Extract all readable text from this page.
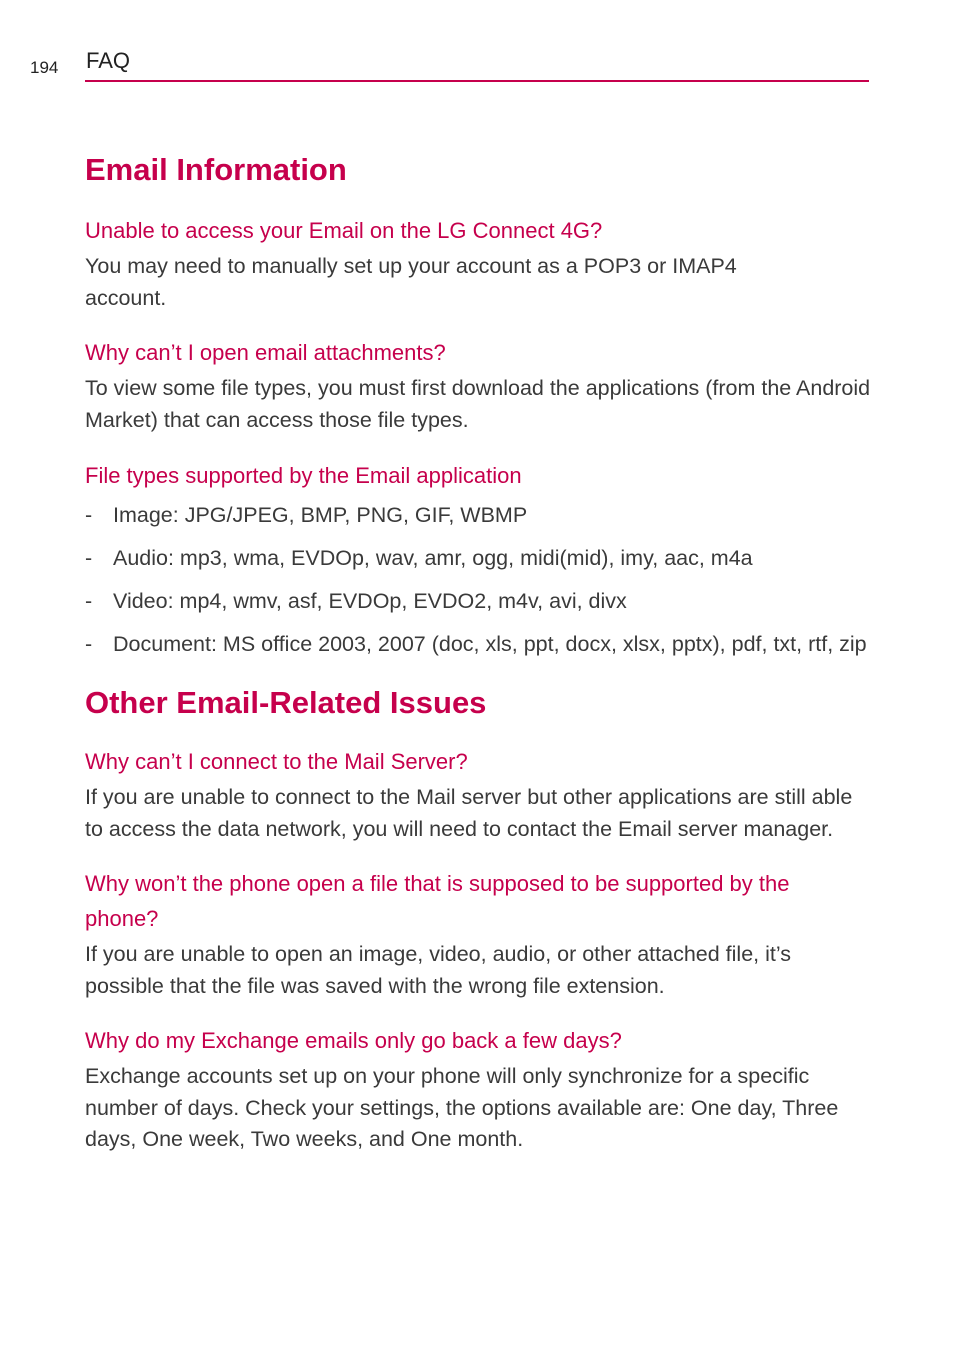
194 FAQ
Email Information
Unable to access your Email on the LG Connect 4G?

You may need to manually set up your account as a POP3 or IMAP4 account.

Why can’t I open email attachments?

To view some file types, you must first download the applications (from the Android Market) that can access those file types.

File types supported by the Email application
- Image: JPG/JPEG, BMP, PNG, GIF, WBMP
- Audio: mp3, wma, EVDOp, wav, amr, ogg, midi(mid), imy, aac, m4a
- Video: mp4, wmv, asf, EVDOp, EVDO2, m4v, avi, divx
- Document: MS office 2003, 2007 (doc, xls, ppt, docx, xlsx, pptx), pdf, txt, rtf, zip
Other Email-Related Issues
Why can’t I connect to the Mail Server?

If you are unable to connect to the Mail server but other applications are still able to access the data network, you will need to contact the Email server manager.

Why won’t the phone open a file that is supposed to be supported by the phone?

If you are unable to open an image, video, audio, or other attached file, it’s possible that the file was saved with the wrong file extension.

Why do my Exchange emails only go back a few days?

Exchange accounts set up on your phone will only synchronize for a specific number of days. Check your settings, the options available are: One day, Three days, One week, Two weeks, and One month.
